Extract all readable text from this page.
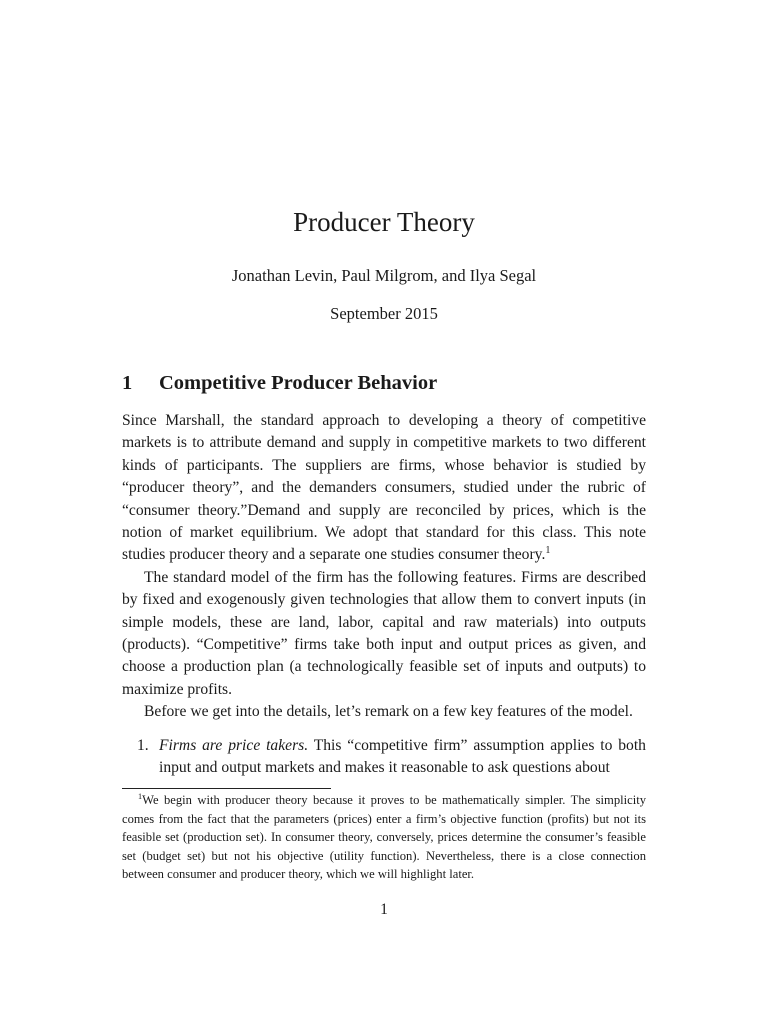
Producer Theory
Jonathan Levin, Paul Milgrom, and Ilya Segal
September 2015
1 Competitive Producer Behavior

Since Marshall, the standard approach to developing a theory of competitive markets is to attribute demand and supply in competitive markets to two different kinds of participants. The suppliers are firms, whose behavior is studied by “producer theory”, and the demanders consumers, studied under the rubric of “consumer theory.”Demand and supply are reconciled by prices, which is the notion of market equilibrium. We adopt that standard for this class. This note studies producer theory and a separate one studies consumer theory.$^1$

The standard model of the firm has the following features. Firms are described by fixed and exogenously given technologies that allow them to convert inputs (in simple models, these are land, labor, capital and raw materials) into outputs (products). “Competitive” firms take both input and output prices as given, and choose a production plan (a technologically feasible set of inputs and outputs) to maximize profits.

Before we get into the details, let’s remark on a few key features of the model.

1. Firms are price takers. This “competitive firm” assumption applies to both input and output markets and makes it reasonable to ask questions about
$^1$We begin with producer theory because it proves to be mathematically simpler. The simplicity comes from the fact that the parameters (prices) enter a firm’s objective function (profits) but not its feasible set (production set). In consumer theory, conversely, prices determine the consumer’s feasible set (budget set) but not his objective (utility function). Nevertheless, there is a close connection between consumer and producer theory, which we will highlight later.
1
